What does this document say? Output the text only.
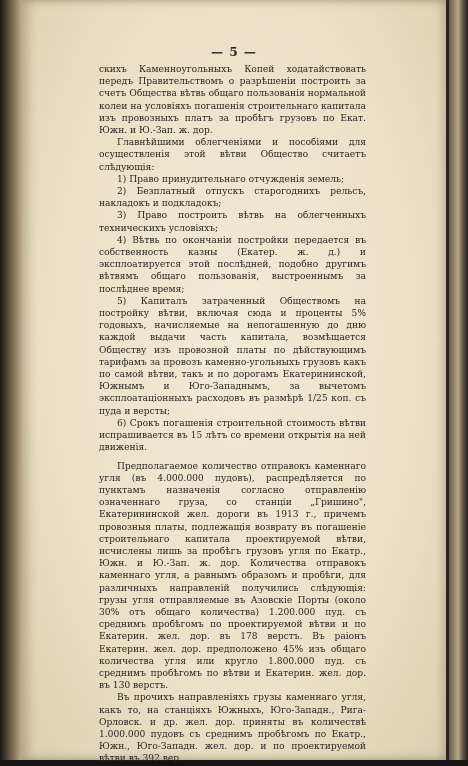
— 5 —

скихъ Каменноугольныхъ Копей ходатайствовать передъ Правительствомъ о разрѣшеніи построить за счетъ Общества вѣтвь общаго пользованія нормальной колеи на условіяхъ погашенія строительнаго капитала изъ провозныхъ платъ за пробѣгъ грузовъ по Екат. Южн. и Ю.-Зап. ж. дор.

Главнѣйшими облегченіями и пособіями для осуществленія этой вѣтви Общество считаетъ слѣдующія:

1) Право принудительнаго отчужденія земель;

2) Безплатный отпускъ старогоднихъ рельсъ, накладокъ и подкладокъ;

3) Право построить вѣтвь на облегченныхъ техническихъ условіяхъ;

4) Вѣтвь по окончаніи постройки передается въ собственность казны (Екатер. ж. д.) и эксплоатируется этой послѣдней, подобно другимъ вѣтвямъ общаго пользованія, выстроеннымъ за послѣднее время;

5) Капиталъ затраченный Обществомъ на постройку вѣтви, включая сюда и проценты 5% годовыхъ, начисляемые на непогашенную до дню каждой выдачи часть капитала, возмѣщается Обществу изъ провозной платы по дѣйствующимъ тарифамъ за провозъ каменно-угольныхъ грузовъ какъ по самой вѣтви, такъ и по дорогамъ Екатерининской, Южнымъ и Юго-Западнымъ, за вычетомъ эксплоатаціонныхъ расходовъ въ размѣрѣ 1/25 коп. съ пуда и версты;

6) Срокъ погашенія строительной стоимость вѣтви испрашивается въ 15 лѣтъ со времени открытія на ней движенія.

Предполагаемое количество отправокъ каменнаго угля (въ 4.000.000 пудовъ), распредѣляется по пунктамъ назначенія согласно отправленію означеннаго груза, со станціи „Гришино", Екатерининской жел. дороги въ 1913 г., причемъ провозныя платы, подлежащія возврату въ погашеніе строительнаго капитала проектируемой вѣтви, исчислены лишь за пробѣгъ грузовъ угля по Екатр., Южн. и Ю.-Зап. ж. дор. Количества отправокъ каменнаго угля, а равнымъ образомъ и пробѣги, для различныхъ направленій получились слѣдующія: грузы угля отправляемые въ Азовскіе Порты (около 30% отъ общаго количества) 1.200.000 пуд. съ среднимъ пробѣгомъ по проектируемой вѣтви и по Екатерин. жел. дор. въ 178 верстъ. Въ раіонъ Екатерин. жел. дор. предположено 45% изъ общаго количества угля или кругло 1.800.000 пуд. съ среднимъ пробѣгомъ по вѣтви и Екатерин. жел. дор. въ 130 верстъ.

Въ прочихъ направленіяхъ грузы каменнаго угля, какъ то, на станціяхъ Южныхъ, Юго-Западн., Рига-Орловск. и др. жел. дор. приняты въ количествѣ 1.000.000 пудовъ съ среднимъ пробѣгомъ по Екатр., Южн., Юго-Западн. жел. дор. и по проектируемой вѣтви въ 392 вер.
